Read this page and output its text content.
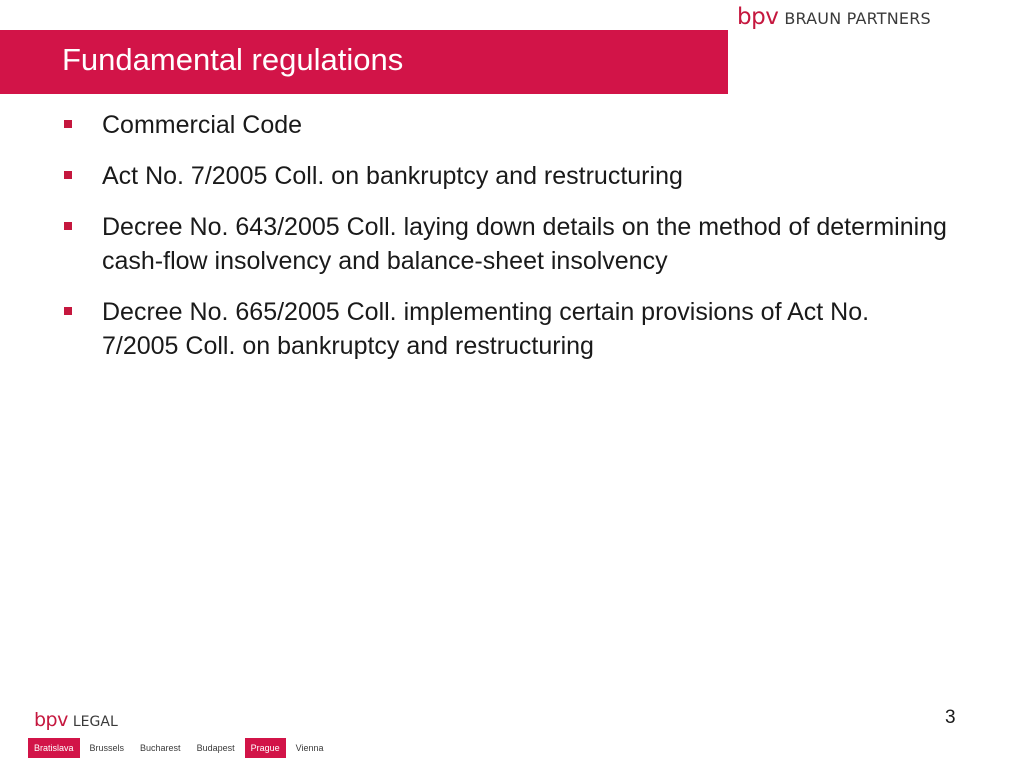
bpv BRAUN PARTNERS
Fundamental regulations
Commercial Code
Act No. 7/2005 Coll. on bankruptcy and restructuring
Decree No. 643/2005 Coll. laying down details on the method of determining cash-flow insolvency and balance-sheet insolvency
Decree No. 665/2005 Coll. implementing certain provisions of Act No. 7/2005 Coll. on bankruptcy and restructuring
3
bpv LEGAL
Bratislava	Brussels	Bucharest	Budapest	Prague	Vienna
